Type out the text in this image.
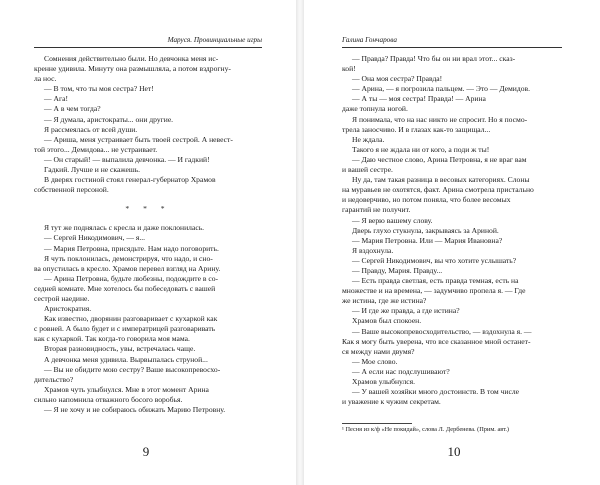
Маруся. Провинциальные игры
Сомнения действительно были. Но девчонка меня ис-
кренне удивила. Минуту она размышляла, а потом вздрогну-
ла нос.
— В том, что ты моя сестра? Нет!
— Ага!
— А в чем тогда?
— Я думала, аристократы... они другие.
Я рассмеялась от всей души.
— Ариша, меня устраивает быть твоей сестрой. А невест-
той этого... Демидова... не устраивает.
— Он старый! — выпалила девчонка. — И гадкий!
Гадкий. Лучше и не скажешь.
В дверях гостиной стоял генерал-губернатор Храмов
собственной персоной.
* * *
Я тут же поднялась с кресла и даже поклонилась.
— Сергей Никодимович, — я...
— Мария Петровна, присядьте. Нам надо поговорить.
Я чуть поклонилась, демонстрируя, что надо, и сно-
ва опустилась в кресло. Храмов перевел взгляд на Арину.
— Арина Петровна, будьте любезны, подождите в со-
седней комнате. Мне хотелось бы побеседовать с вашей
сестрой наедине.
Аристократия.
Как известно, дворянин разговаривает с кухаркой как
с ровней. А было будет и с императрицей разговаривать
как с кухаркой. Так когда-то говорила моя мама.
Вторая разновидность, увы, встречалась чаще.
А девчонка меня удивила. Вырвыпалась струной...
— Вы не обидите мою сестру? Ваше высокопревосхо-
дительство?
Храмов чуть улыбнулся. Мне в этот момент Арина
сильно напомнила отважного босого воробья.
— Я не хочу и не собираюсь обижать Марию Петровну.
9
Галина Гончарова
— Правда? Правда! Что бы он ни врал этот... сказ-
кой!
— Она моя сестра? Правда!
— Арина, — я погрозила пальцем. — Это — Демидов.
— А ты — моя сестра! Правда! — Арина
даже топнула ногой.
Я понимала, что на нас никто не спросит. Но я посмо-
трела заносчиво. И в глазах как-то защищал...
Не ждала.
Такого я не ждала ни от кого, а поди ж ты!
— Даю честное слово, Арина Петровна, я не враг вам
и вашей сестре.
Ну да, там такая разница в весовых категориях. Слоны
на муравьев не охотятся, факт. Арина смотрела пристально
и недоверчиво, но потом поняла, что более весомых
гарантий не получит.
— Я верю вашему слову.
Дверь глухо стукнула, закрываясь за Ариной.
— Мария Петровна. Или — Мария Ивановна?
Я вздохнула.
— Сергей Никодимович, вы что хотите услышать?
— Правду, Мария. Правду...
— Есть правда светлая, есть правда темная, есть на
множестве и на времена, — задумчиво пропела я. — Где
же истина, где же истина?
— И где же правда, а где истина?
Храмов был спокоен.
— Ваше высокопревосходительство, — вздохнула я. —
Как я могу быть уверена, что все сказанное мной останет-
ся между нами двумя?
— Мое слово.
— А если нас подслушивают?
Храмов улыбнулся.
— У вашей хозяйки много достоинств. В том числе
и уважение к чужим секретам.
¹ Песня из к/ф «Не покидай», слова Л. Дербенева. (Прим. авт.)
10
